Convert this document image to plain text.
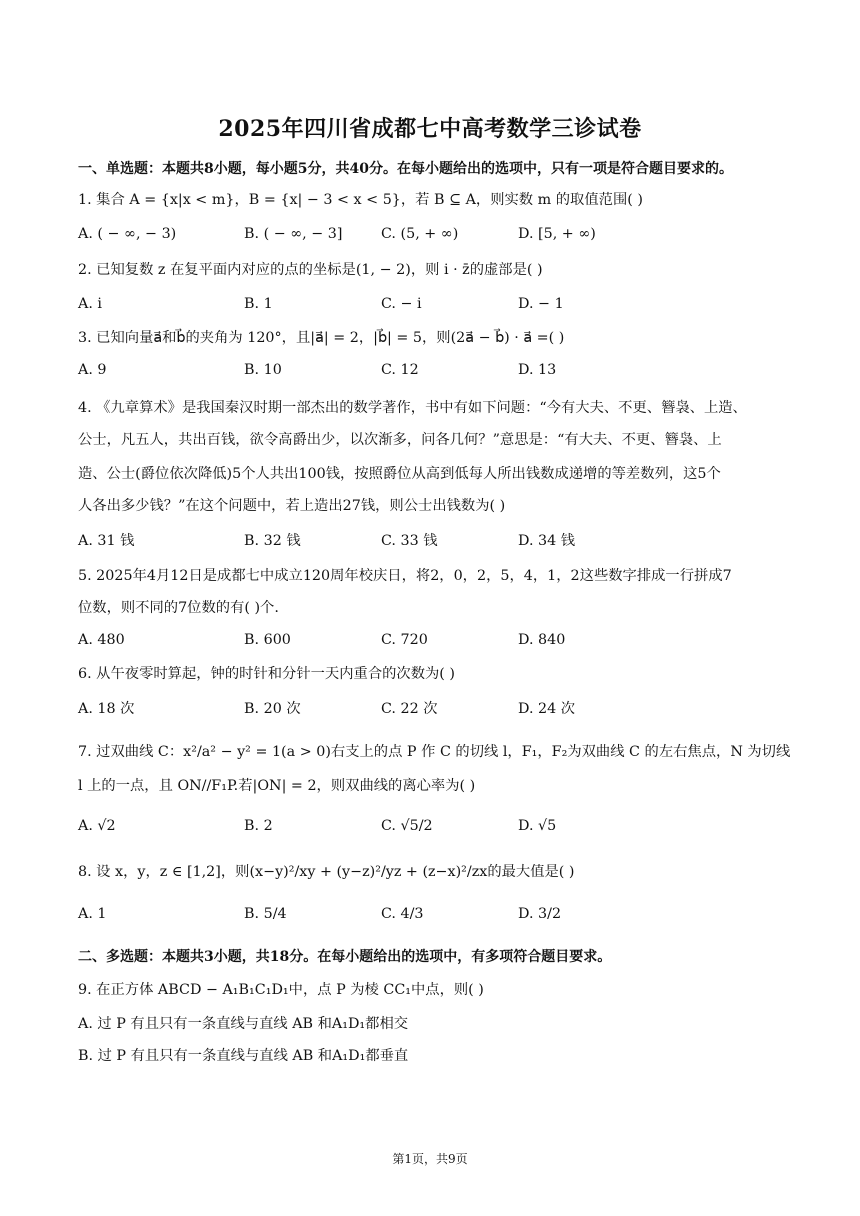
2025年四川省成都七中高考数学三诊试卷
一、单选题：本题共8小题，每小题5分，共40分。在每小题给出的选项中，只有一项是符合题目要求的。
1. 集合 A = {x|x < m}，B = {x| − 3 < x < 5}，若 B ⊆ A，则实数 m 的取值范围( )
A. ( − ∞, − 3)	B. ( − ∞, − 3]	C. (5, + ∞)	D. [5, + ∞)
2. 已知复数 z 在复平面内对应的点的坐标是(1, − 2)，则 i · z̄的虚部是( )
A. i	B. 1	C. − i	D. − 1
3. 已知向量a⃗和b⃗的夹角为 120°，且|a⃗| = 2，|b⃗| = 5，则(2a⃗ − b⃗) · a⃗ =( )
A. 9	B. 10	C. 12	D. 13
4. 《九章算术》是我国秦汉时期一部杰出的数学著作，书中有如下问题：“今有大夫、不更、簪袅、上造、
公士，凡五人，共出百钱，欲令高爵出少，以次渐多，问各几何？”意思是：“有大夫、不更、簪袅、上
造、公士(爵位依次降低)5个人共出100钱，按照爵位从高到低每人所出钱数成递增的等差数列，这5个
人各出多少钱？”在这个问题中，若上造出27钱，则公士出钱数为( )
A. 31 钱	B. 32 钱	C. 33 钱	D. 34 钱
5. 2025年4月12日是成都七中成立120周年校庆日，将2，0，2，5，4，1，2这些数字排成一行拼成7
位数，则不同的7位数的有( )个.
A. 480	B. 600	C. 720	D. 840
6. 从午夜零时算起，钟的时针和分针一天内重合的次数为( )
A. 18 次	B. 20 次	C. 22 次	D. 24 次
7. 过双曲线 C：x²/a² − y² = 1(a > 0)右支上的点 P 作 C 的切线 l，F₁，F₂为双曲线 C 的左右焦点，N 为切线
l 上的一点，且 ON//F₁P.若|ON| = 2，则双曲线的离心率为( )
A. √2	B. 2	C. √5/2	D. √5
8. 设 x，y，z ∈ [1,2]，则(x−y)²/xy + (y−z)²/yz + (z−x)²/zx的最大值是( )
A. 1	B. 5/4	C. 4/3	D. 3/2
二、多选题：本题共3小题，共18分。在每小题给出的选项中，有多项符合题目要求。
9. 在正方体 ABCD − A₁B₁C₁D₁中，点 P 为棱 CC₁中点，则( )
A. 过 P 有且只有一条直线与直线 AB 和A₁D₁都相交
B. 过 P 有且只有一条直线与直线 AB 和A₁D₁都垂直
第1页，共9页
